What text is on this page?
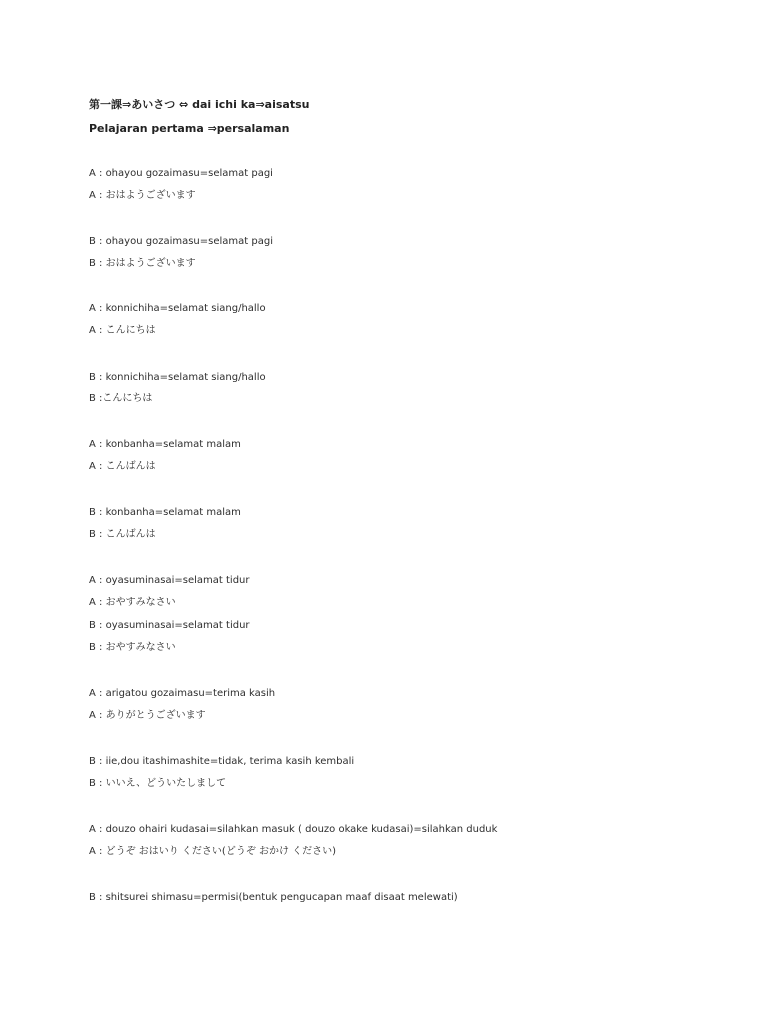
第一課⇒あいさつ ⇔ dai ichi ka⇒aisatsu
Pelajaran pertama ⇒persalaman
A : ohayou gozaimasu=selamat pagi
A : おはようございます
B : ohayou gozaimasu=selamat pagi
B : おはようございます
A : konnichiha=selamat siang/hallo
A : こんにちは
B : konnichiha=selamat siang/hallo
B :こんにちは
A : konbanha=selamat malam
A : こんばんは
B : konbanha=selamat malam
B : こんばんは
A : oyasuminasai=selamat tidur
A : おやすみなさい
B : oyasuminasai=selamat tidur
B : おやすみなさい
A : arigatou gozaimasu=terima kasih
A : ありがとうございます
B : iie,dou itashimashite=tidak, terima kasih kembali
B : いいえ、どういたしまして
A : douzo ohairi kudasai=silahkan masuk ( douzo okake kudasai)=silahkan duduk
A : どうぞ おはいり ください(どうぞ おかけ ください)
B : shitsurei shimasu=permisi(bentuk pengucapan maaf disaat melewati)
